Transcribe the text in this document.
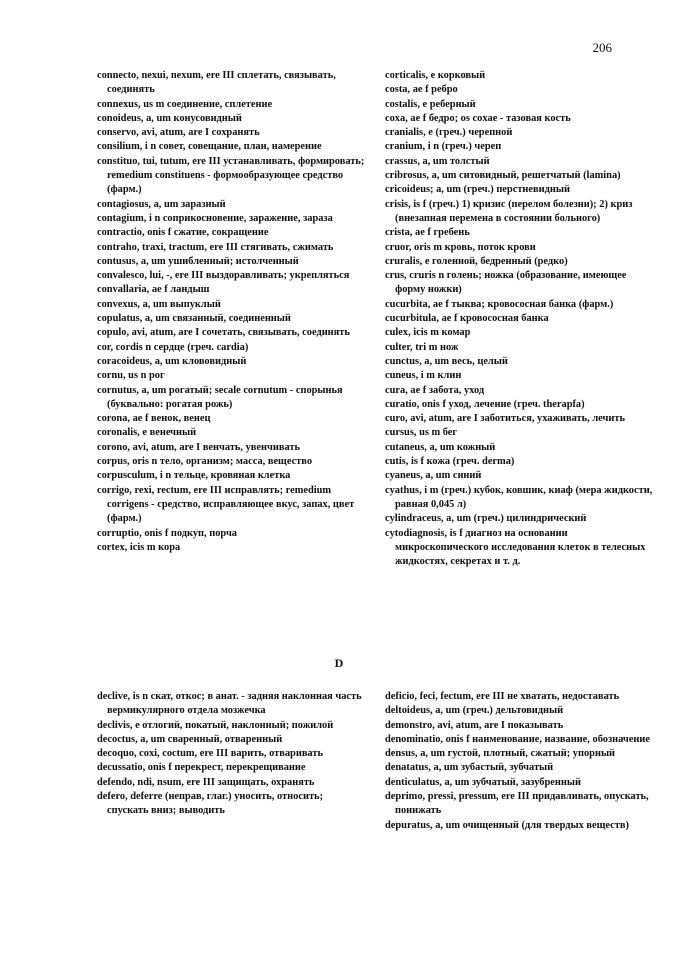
206

connecto, nexui, nexum, ere III сплетать, связывать, соединять

connexus, us m соединение, сплетение

conoideus, a, um конусовидный

conservo, avi, atum, are I сохранять

consilium, i n совет, совещание, план, намерение

constituo, tui, tutum, ere III устанавливать, формировать; remedium constituens - формообразующее средство (фарм.)

contagiosus, a, um заразный

contagium, i n соприкосновение, заражение, зараза

contractio, onis f сжатие, сокращение

contraho, traxi, tractum, ere III стягивать, сжимать

contusus, a, um ушибленный; истолченный

convalesco, lui, -, ere III выздоравливать; укрепляться

convallaria, ae f ландыш

convexus, a, um выпуклый

copulatus, a, um связанный, соединенный

copulo, avi, atum, are I сочетать, связывать, соединять

cor, cordis n сердце (греч. cardia)

coracoideus, a, um клововидный

cornu, us n рог

cornutus, a, um рогатый; secale cornutum - спорынья (буквально: рогатая рожь)

corona, ae f венок, венец

coronalis, e венечный

corono, avi, atum, are I венчать, увенчивать

corpus, oris n тело, организм; масса, вещество

corpusculum, i n тельце, кровяная клетка

corrigo, rexi, rectum, ere III исправлять; remedium corrigens - средство, исправляющее вкус, запах, цвет (фарм.)

corruptio, onis f подкуп, порча

cortex, icis m кора

corticalis, e корковый

costa, ae f ребро

costalis, e реберный

coxa, ae f бедро; os coxae - тазовая кость

cranialis, e (греч.) черепной

cranium, i n (греч.) череп

crassus, a, um толстый

cribrosus, a, um ситовидный, решетчатый (lamina)

cricoideus; a, um (греч.) перстневидный

crisis, is f (греч.) 1) кризис (перелом болезни); 2) криз (внезапная перемена в состоянии больного)

crista, ae f гребень

cruor, oris m кровь, поток крови

cruralis, e голенной, бедренный (редко)

crus, cruris n голень; ножка (образование, имеющее форму ножки)

cucurbita, ae f тыква; кровососная банка (фарм.)

cucurbitula, ae f кровососная банка

culex, icis m комар

culter, tri m нож

cunctus, a, um весь, целый

cuneus, i m клин

cura, ae f забота, уход

curatio, onis f уход, лечение (греч. therapfa)

curo, avi, atum, are I заботиться, ухаживать, лечить

cursus, us m бег

cutaneus, a, um кожный

cutis, is f кожа (греч. derma)

cyaneus, a, um синий

cyathus, i m (греч.) кубок, ковшик, киаф (мера жидкости, равная 0,045 л)

cylindraceus, a, um (греч.) цилиндрический

cytodiagnosis, is f диагноз на основании микроскопического исследования клеток в телесных жидкостях, секретах и т. д.

D

declive, is n скат, откос; в анат. - задняя наклонная часть вермикулярного отдела мозжечка

declivis, e отлогий, покатый, наклонный; пожилой

decoctus, a, um сваренный, отваренный

decoquo, coxi, coctum, ere III варить, отваривать

decussatio, onis f перекрест, перекрещивание

defendo, ndi, nsum, ere III защищать, охранять

defero, deferre (неправ, глаг.) уносить, относить; спускать вниз; выводить

deficio, feci, fectum, ere III не хватать, недоставать

deltoideus, a, um (греч.) дельтовидный

demonstro, avi, atum, are I показывать

denominatio, onis f наименование, название, обозначение

densus, a, um густой, плотный, сжатый; упорный

denatatus, a, um зубастый, зубчатый

denticulatus, a, um зубчатый, зазубренный

deprimo, pressi, pressum, ere III придавливать, опускать, понижать

depuratus, a, um очищенный (для твердых веществ)
